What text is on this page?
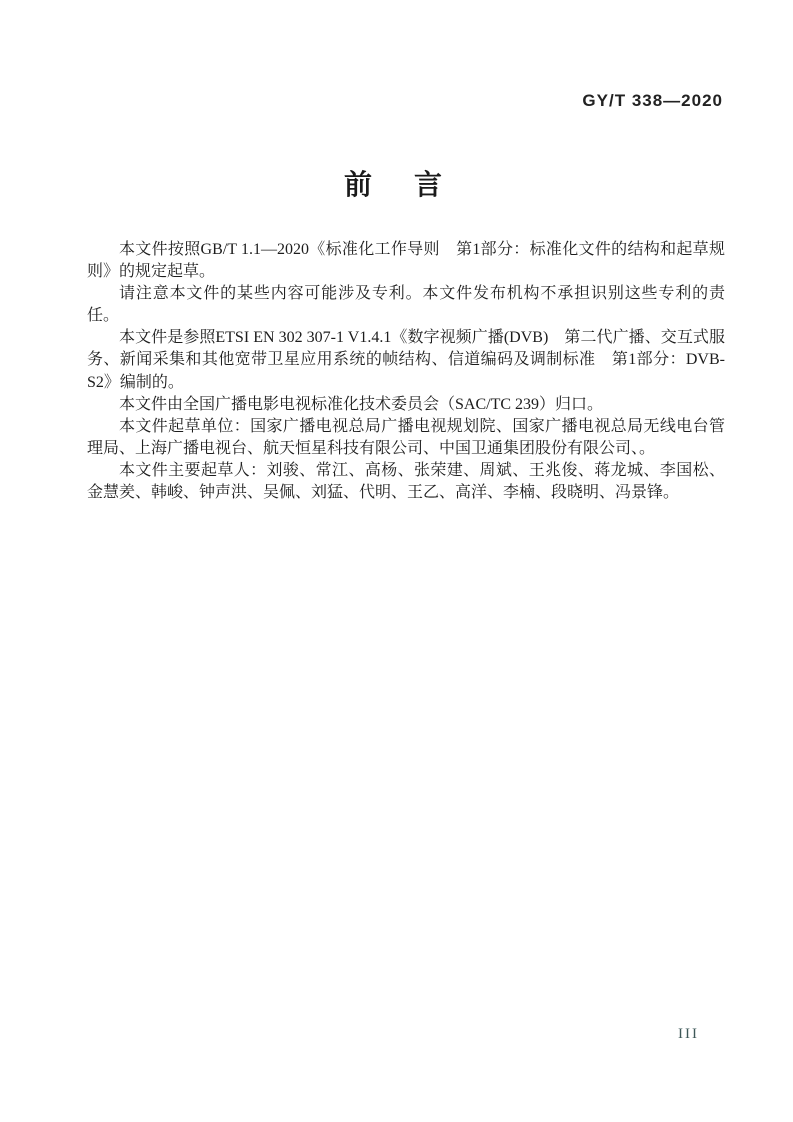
GY/T 338—2020
前　言

本文件按照GB/T 1.1—2020《标准化工作导则　第1部分：标准化文件的结构和起草规则》的规定起草。

请注意本文件的某些内容可能涉及专利。本文件发布机构不承担识别这些专利的责任。

本文件是参照ETSI EN 302 307-1 V1.4.1《数字视频广播(DVB)　第二代广播、交互式服务、新闻采集和其他宽带卫星应用系统的帧结构、信道编码及调制标准　第1部分：DVB-S2》编制的。

本文件由全国广播电影电视标准化技术委员会（SAC/TC 239）归口。

本文件起草单位：国家广播电视总局广播电视规划院、国家广播电视总局无线电台管理局、上海广播电视台、航天恒星科技有限公司、中国卫通集团股份有限公司、。

本文件主要起草人：刘骏、常江、高杨、张荣建、周斌、王兆俊、蒋龙城、李国松、金慧羑、韩峻、钟声洪、吴佩、刘猛、代明、王乙、高洋、李楠、段晓明、冯景锋。

III
